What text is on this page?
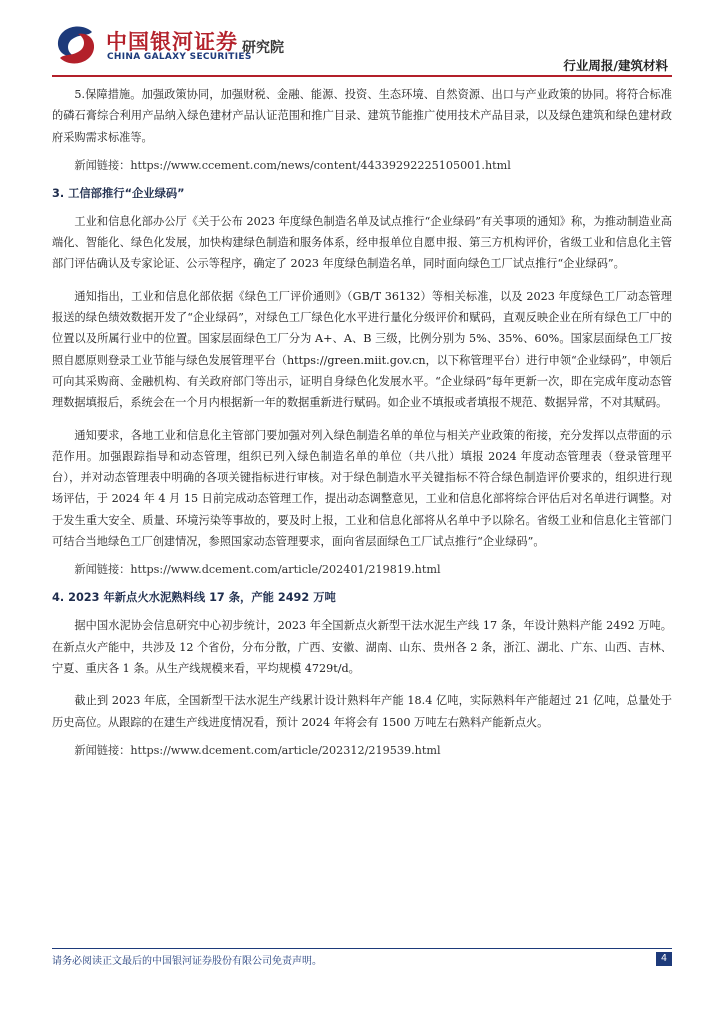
中国银河证券
CHINA GALAXY SECURITIES
研究院
行业周报/建筑材料

5.保障措施。加强政策协同，加强财税、金融、能源、投资、生态环境、自然资源、出口与产业政策的协同。将符合标准的磷石膏综合利用产品纳入绿色建材产品认证范围和推广目录、建筑节能推广使用技术产品目录，以及绿色建筑和绿色建材政府采购需求标准等。

新闻链接：https://www.ccement.com/news/content/4433929222510500​1.html

3. 工信部推行“企业绿码”

工业和信息化部办公厅《关于公布 2023 年度绿色制造名单及试点推行“企业绿码”有关事项的通知》称，为推动制造业高端化、智能化、绿色化发展，加快构建绿色制造和服务体系，经申报单位自愿申报、第三方机构评价，省级工业和信息化主管部门评估确认及专家论证、公示等程序，确定了 2023 年度绿色制造名单，同时面向绿色工厂试点推行“企业绿码”。

通知指出，工业和信息化部依据《绿色工厂评价通则》（GB/T 36132）等相关标准，以及 2023 年度绿色工厂动态管理报送的绿色绩效数据开发了“企业绿码”，对绿色工厂绿色化水平进行量化分级评价和赋码，直观反映企业在所有绿色工厂中的位置以及所属行业中的位置。国家层面绿色工厂分为 A+、A、B 三级，比例分别为 5%、35%、60%。国家层面绿色工厂按照自愿原则登录工业节能与绿色发展管理平台（https://green.miit.gov.cn，以下称管理平台）进行申领“企业绿码”，申领后可向其采购商、金融机构、有关政府部门等出示，证明自身绿色化发展水平。“企业绿码”每年更新一次，即在完成年度动态管理数据填报后，系统会在一个月内根据新一年的数据重新进行赋码。如企业不填报或者填报不规范、数据异常，不对其赋码。

通知要求，各地工业和信息化主管部门要加强对列入绿色制造名单的单位与相关产业政策的衔接，充分发挥以点带面的示范作用。加强跟踪指导和动态管理，组织已列入绿色制造名单的单位（共八批）填报 2024 年度动态管理表（登录管理平台），并对动态管理表中明确的各项关键指标进行审核。对于绿色制造水平关键指标不符合绿色制造评价要求的，组织进行现场评估，于 2024 年 4 月 15 日前完成动态管理工作，提出动态调整意见，工业和信息化部将综合评估后对名单进行调整。对于发生重大安全、质量、环境污染等事故的，要及时上报，工业和信息化部将从名单中予以除名。省级工业和信息化主管部门可结合当地绿色工厂创建情况，参照国家动态管理要求，面向省层面绿色工厂试点推行“企业绿码”。

新闻链接：https://www.dcement.com/article/202401/219819.html

4. 2023 年新点火水泥熟料线 17 条，产能 2492 万吨

据中国水泥协会信息研究中心初步统计，2023 年全国新点火新型干法水泥生产线 17 条，年设计熟料产能 2492 万吨。在新点火产能中，共涉及 12 个省份，分布分散，广西、安徽、湖南、山东、贵州各 2 条，浙江、湖北、广东、山西、吉林、宁夏、重庆各 1 条。从生产线规模来看，平均规模 4729t/d。

截止到 2023 年底，全国新型干法水泥生产线累计设计熟料年产能 18.4 亿吨，实际熟料年产能超过 21 亿吨，总量处于历史高位。从跟踪的在建生产线进度情况看，预计 2024 年将会有 1500 万吨左右熟料产能新点火。

新闻链接：https://www.dcement.com/article/202312/219539.html

请务必阅读正文最后的中国银河证券股份有限公司免责声明。	4
